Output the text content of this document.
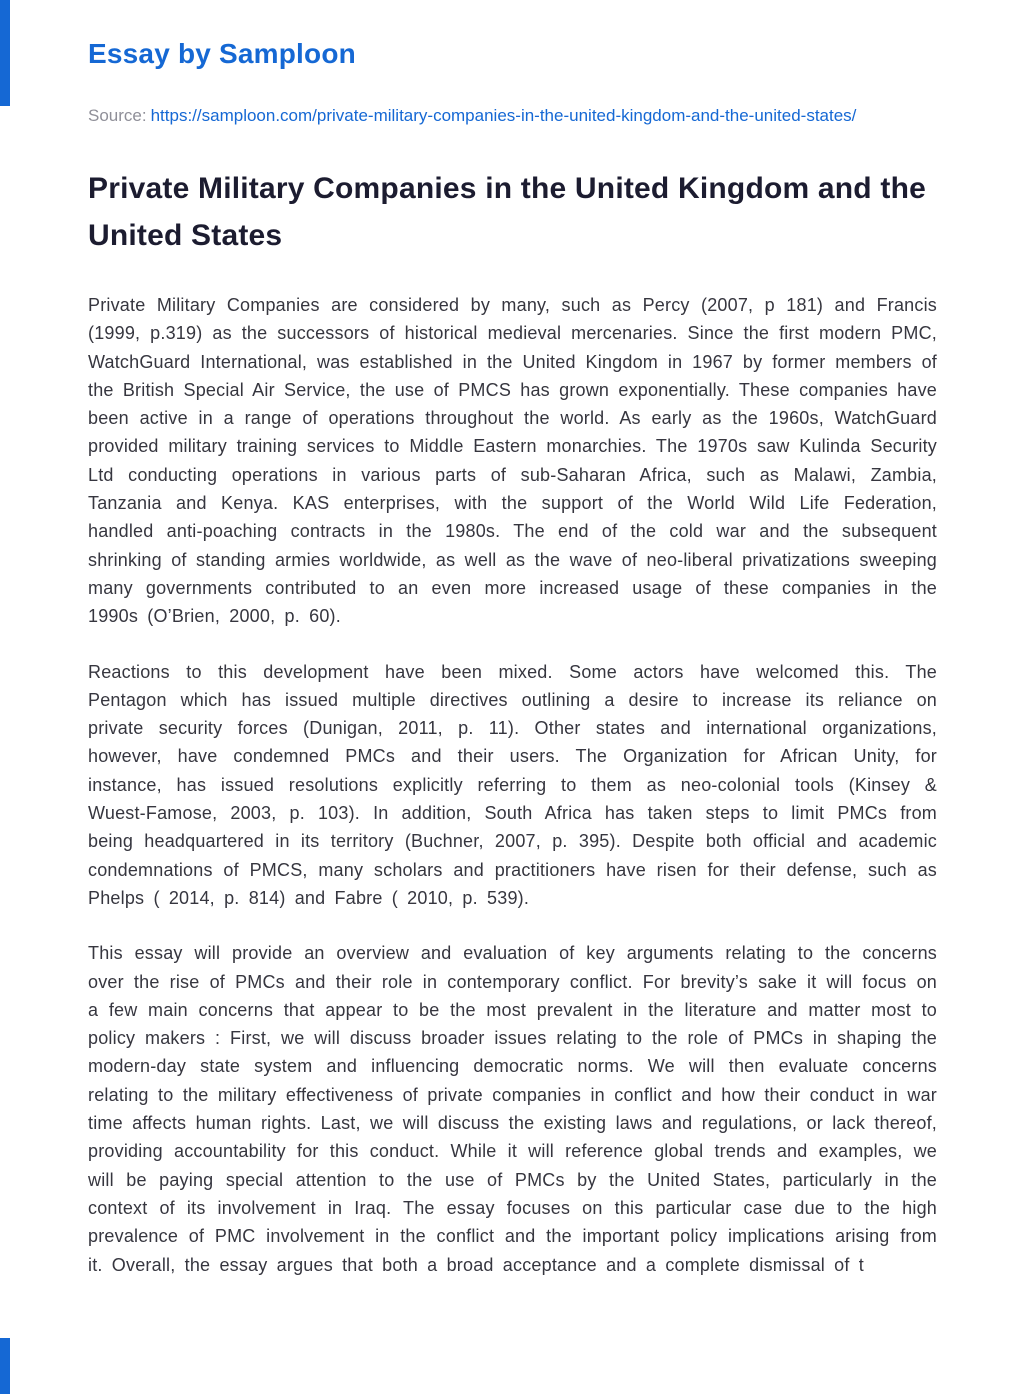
Essay by Samploon
Source: https://samploon.com/private-military-companies-in-the-united-kingdom-and-the-united-states/
Private Military Companies in the United Kingdom and the United States

Private Military Companies are considered by many, such as Percy (2007, p 181) and Francis (1999, p.319) as the successors of historical medieval mercenaries. Since the first modern PMC, WatchGuard International, was established in the United Kingdom in 1967 by former members of the British Special Air Service, the use of PMCS has grown exponentially. These companies have been active in a range of operations throughout the world. As early as the 1960s, WatchGuard provided military training services to Middle Eastern monarchies. The 1970s saw Kulinda Security Ltd conducting operations in various parts of sub-Saharan Africa, such as Malawi, Zambia, Tanzania and Kenya. KAS enterprises, with the support of the World Wild Life Federation, handled anti-poaching contracts in the 1980s. The end of the cold war and the subsequent shrinking of standing armies worldwide, as well as the wave of neo-liberal privatizations sweeping many governments contributed to an even more increased usage of these companies in the 1990s (O’Brien, 2000, p. 60).

Reactions to this development have been mixed. Some actors have welcomed this. The Pentagon which has issued multiple directives outlining a desire to increase its reliance on private security forces (Dunigan, 2011, p. 11). Other states and international organizations, however, have condemned PMCs and their users. The Organization for African Unity, for instance, has issued resolutions explicitly referring to them as neo-colonial tools (Kinsey & Wuest-Famose, 2003, p. 103). In addition, South Africa has taken steps to limit PMCs from being headquartered in its territory (Buchner, 2007, p. 395). Despite both official and academic condemnations of PMCS, many scholars and practitioners have risen for their defense, such as Phelps ( 2014, p. 814) and Fabre ( 2010, p. 539).

This essay will provide an overview and evaluation of key arguments relating to the concerns over the rise of PMCs and their role in contemporary conflict. For brevity’s sake it will focus on a few main concerns that appear to be the most prevalent in the literature and matter most to policy makers : First, we will discuss broader issues relating to the role of PMCs in shaping the modern-day state system and influencing democratic norms. We will then evaluate concerns relating to the military effectiveness of private companies in conflict and how their conduct in war time affects human rights. Last, we will discuss the existing laws and regulations, or lack thereof, providing accountability for this conduct. While it will reference global trends and examples, we will be paying special attention to the use of PMCs by the United States, particularly in the context of its involvement in Iraq. The essay focuses on this particular case due to the high prevalence of PMC involvement in the conflict and the important policy implications arising from it. Overall, the essay argues that both a broad acceptance and a complete dismissal of t
